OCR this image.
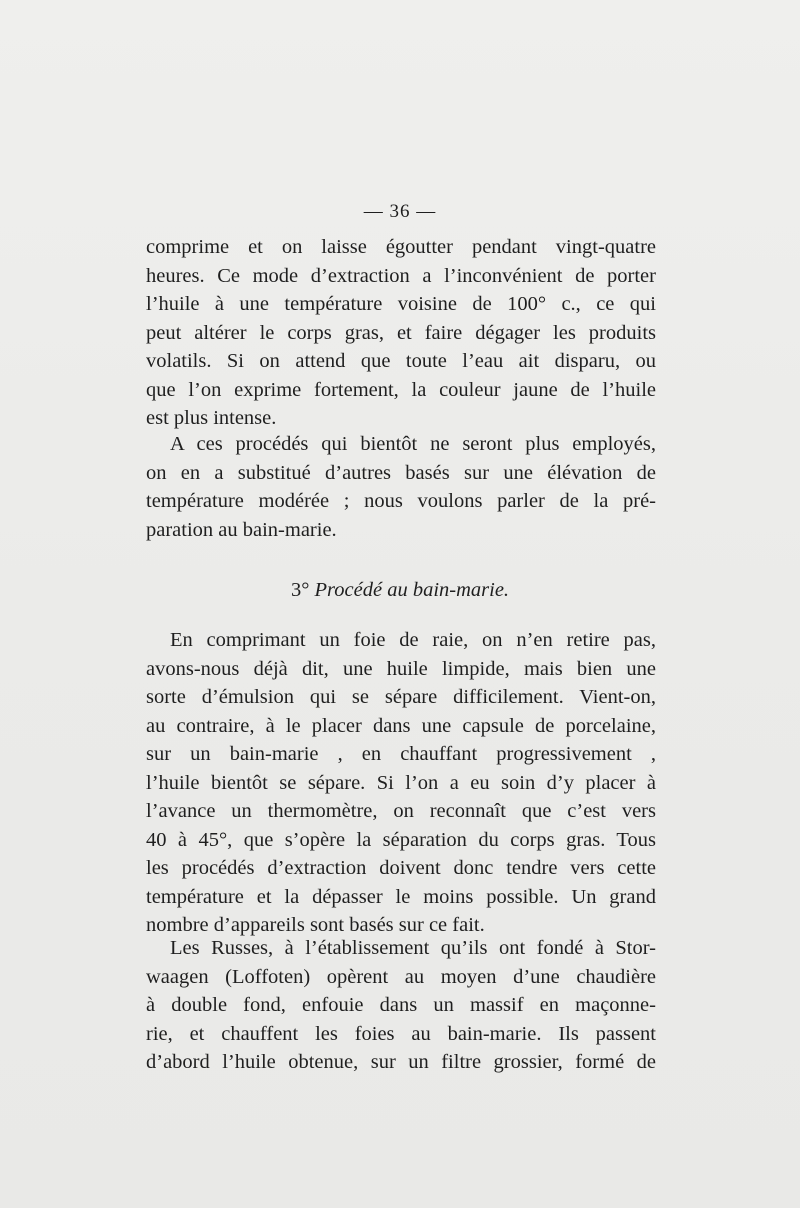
— 36 —
comprime et on laisse égoutter pendant vingt-quatre
heures. Ce mode d’extraction a l’inconvénient de porter
l’huile à une température voisine de 100° c., ce qui
peut altérer le corps gras, et faire dégager les produits
volatils. Si on attend que toute l’eau ait disparu, ou
que l’on exprime fortement, la couleur jaune de l’huile
est plus intense.
A ces procédés qui bientôt ne seront plus employés,
on en a substitué d’autres basés sur une élévation de
température modérée ; nous voulons parler de la pré-
paration au bain-marie.
3° Procédé au bain-marie.
En comprimant un foie de raie, on n’en retire pas,
avons-nous déjà dit, une huile limpide, mais bien une
sorte d’émulsion qui se sépare difficilement. Vient-on,
au contraire, à le placer dans une capsule de porcelaine,
sur un bain-marie , en chauffant progressivement ,
l’huile bientôt se sépare. Si l’on a eu soin d’y placer à
l’avance un thermomètre, on reconnaît que c’est vers
40 à 45°, que s’opère la séparation du corps gras. Tous
les procédés d’extraction doivent donc tendre vers cette
température et la dépasser le moins possible. Un grand
nombre d’appareils sont basés sur ce fait.
Les Russes, à l’établissement qu’ils ont fondé à Stor-
waagen (Loffoten) opèrent au moyen d’une chaudière
à double fond, enfouie dans un massif en maçonne-
rie, et chauffent les foies au bain-marie. Ils passent
d’abord l’huile obtenue, sur un filtre grossier, formé de
